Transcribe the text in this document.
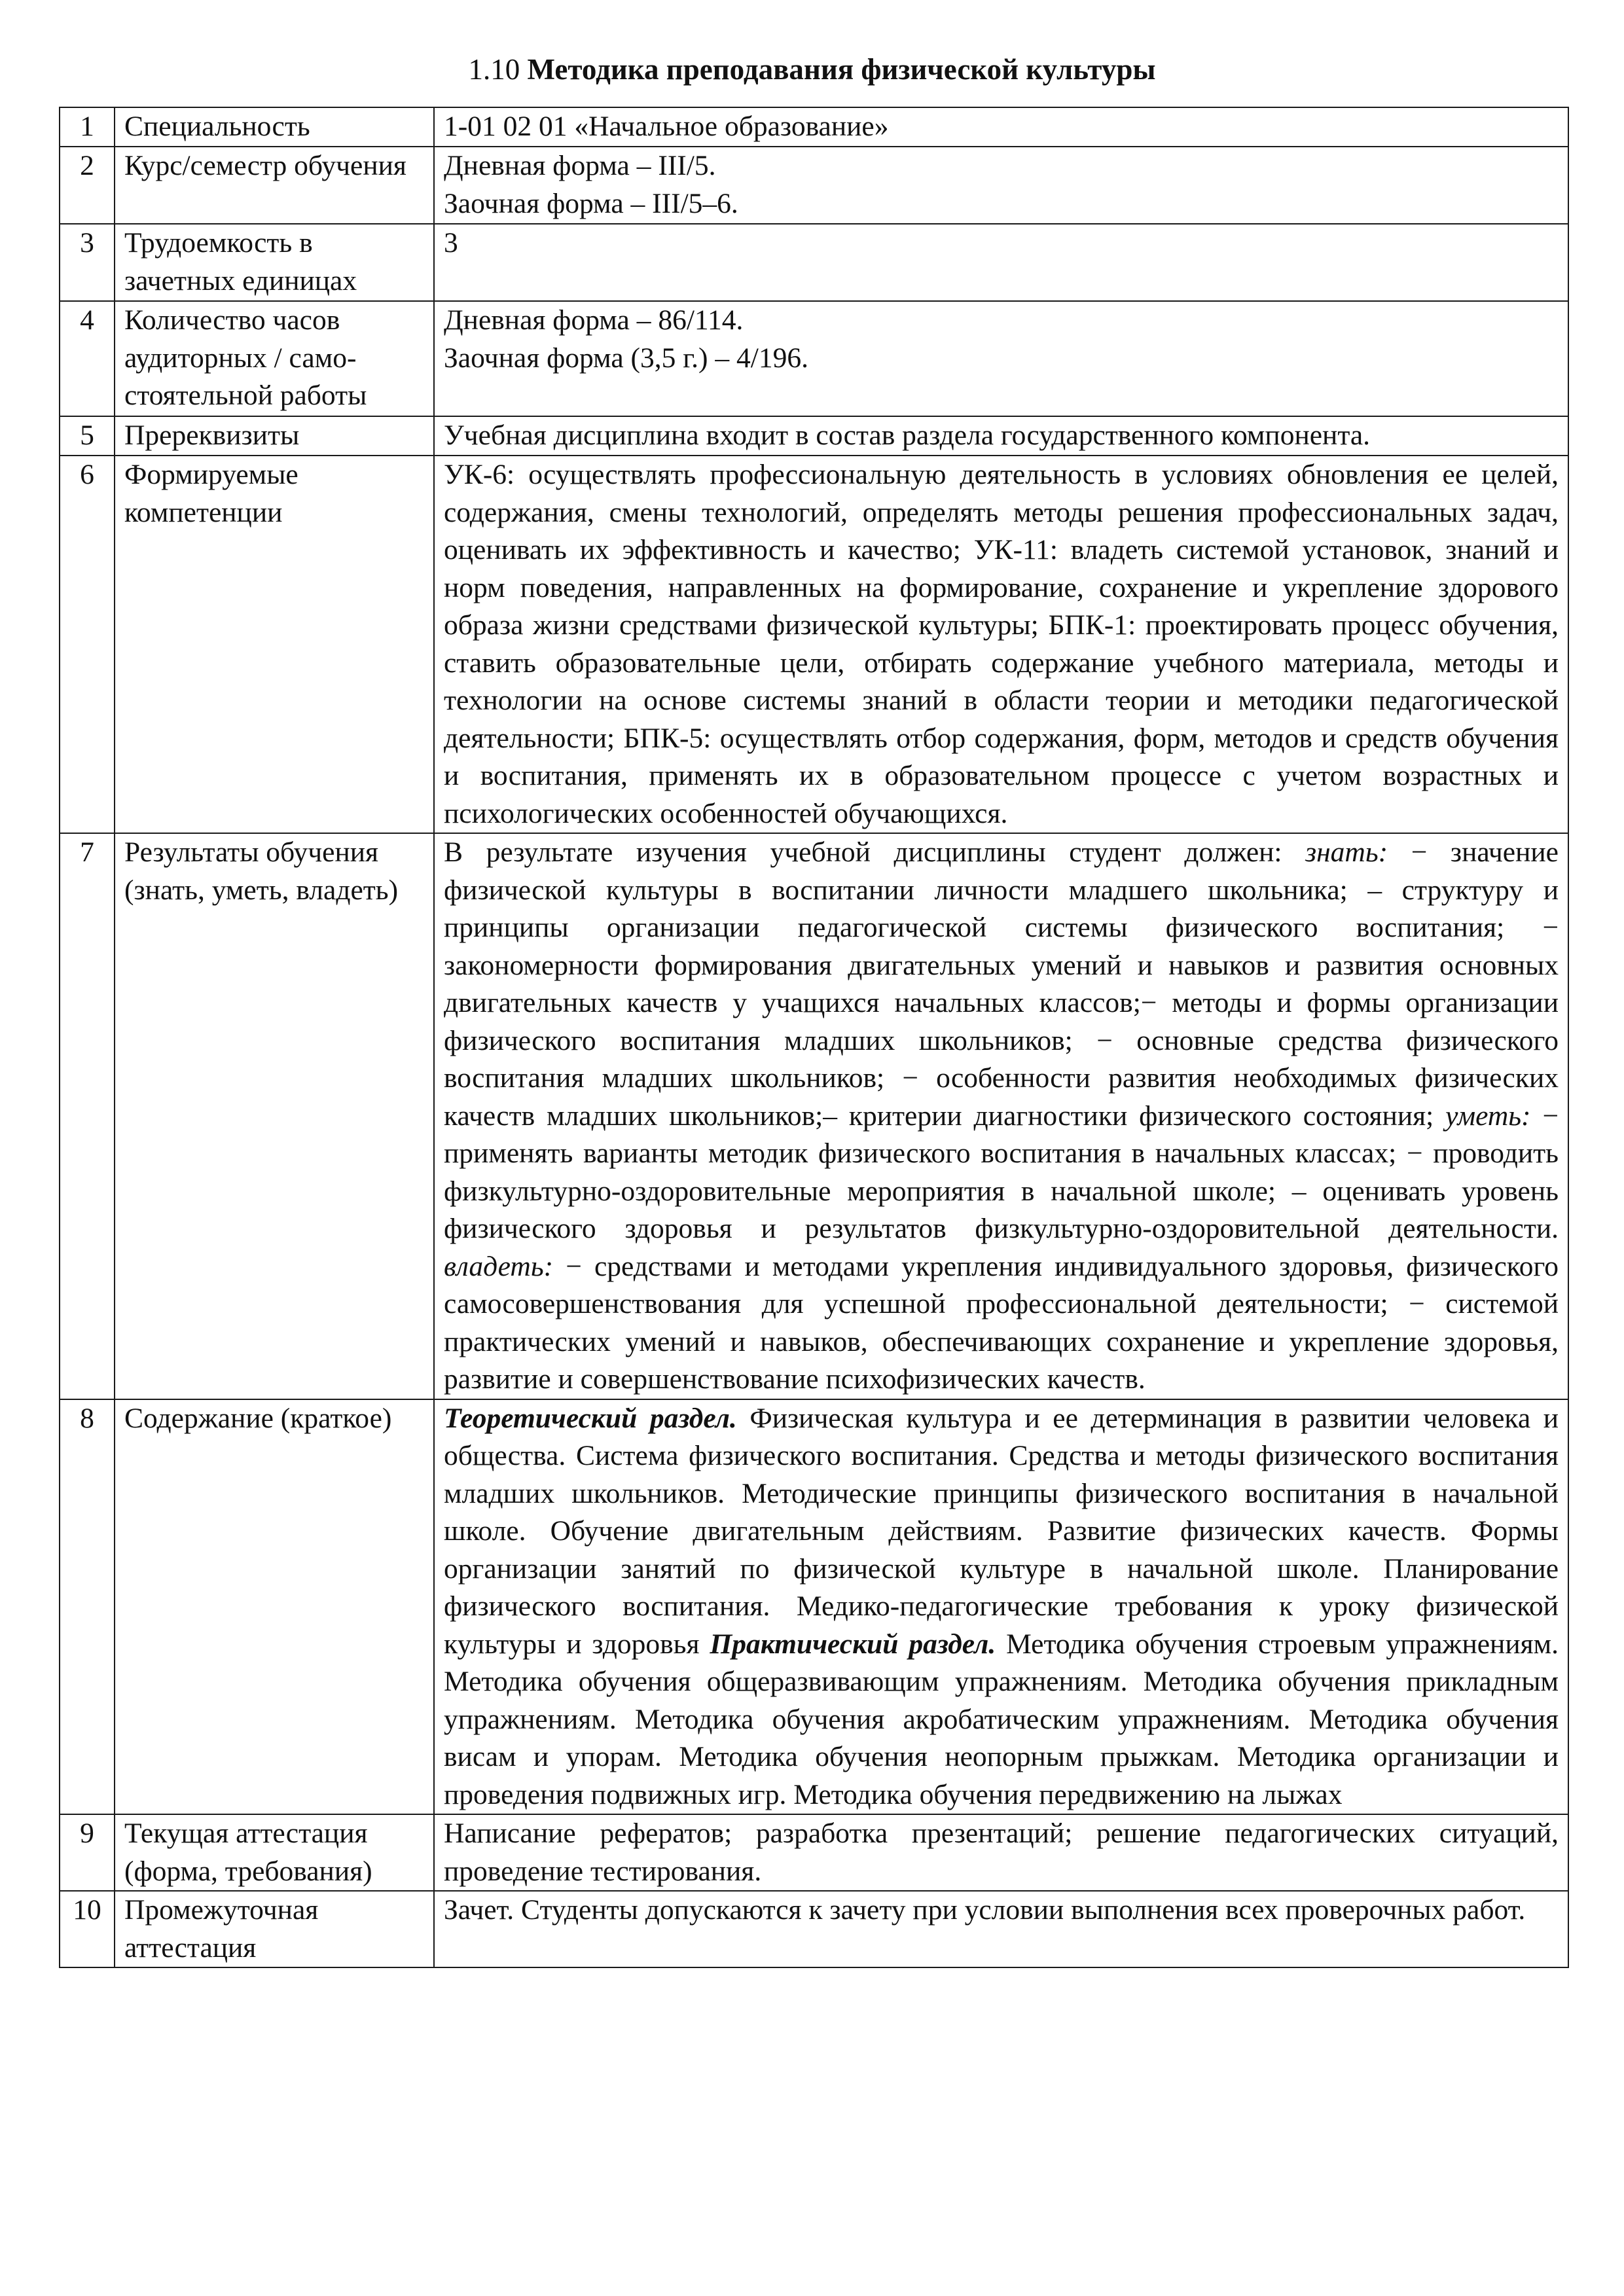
1.10 Методика преподавания физической культуры
1	Специальность	1-01 02 01 «Начальное образование»

2	Курс/семестр обучения	Дневная форма – III/5.
Заочная форма – III/5–6.

3	Трудоемкость в зачетных единицах	3

4	Количество часов аудиторных / само-стоятельной работы	Дневная форма – 86/114.
Заочная форма (3,5 г.) – 4/196.

5	Пререквизиты	Учебная дисциплина входит в состав раздела государственного компонента.

6	Формируемые компетенции	УК-6: осуществлять профессиональную деятельность в условиях обновления ее целей, содержания, смены технологий, определять методы решения профессиональных задач, оценивать их эффективность и качество; УК-11: владеть системой установок, знаний и норм поведения, направленных на формирование, сохранение и укрепление здорового образа жизни средствами физической культуры; БПК-1: проектировать процесс обучения, ставить образовательные цели, отбирать содержание учебного материала, методы и технологии на основе системы знаний в области теории и методики педагогической деятельности; БПК-5: осуществлять отбор содержания, форм, методов и средств обучения и воспитания, применять их в образовательном процессе с учетом возрастных и психологических особенностей обучающихся.
7	Результаты обучения (знать, уметь, владеть)	В результате изучения учебной дисциплины студент должен: знать: − значение физической культуры в воспитании личности младшего школьника; – структуру и принципы организации педагогической системы физического воспитания; − закономерности формирования двигательных умений и навыков и развития основных двигательных качеств у учащихся начальных классов;− методы и формы организации физического воспитания младших школьников; − основные средства физического воспитания младших школьников; − особенности развития необходимых физических качеств младших школьников;– критерии диагностики физического состояния; уметь: − применять варианты методик физического воспитания в начальных классах; − проводить физкультурно-оздоровительные мероприятия в начальной школе; – оценивать уровень физического здоровья и результатов физкультурно-оздоровительной деятельности. владеть: − средствами и методами укрепления индивидуального здоровья, физического самосовершенствования для успешной профессиональной деятельности; − системой практических умений и навыков, обеспечивающих сохранение и укрепление здоровья, развитие и совершенствование психофизических качеств.
8	Содержание (краткое)	Теоретический раздел. Физическая культура и ее детерминация в развитии человека и общества. Система физического воспитания. Средства и методы физического воспитания младших школьников. Методические принципы физического воспитания в начальной школе. Обучение двигательным действиям. Развитие физических качеств. Формы организации занятий по физической культуре в начальной школе. Планирование физического воспитания. Медико-педагогические требования к уроку физической культуры и здоровья Практический раздел. Методика обучения строевым упражнениям. Методика обучения общеразвивающим упражнениям. Методика обучения прикладным упражнениям. Методика обучения акробатическим упражнениям. Методика обучения висам и упорам. Методика обучения неопорным прыжкам. Методика организации и проведения подвижных игр. Методика обучения передвижению на лыжах
9	Текущая аттестация (форма, требования)	Написание рефератов; разработка презентаций; решение педагогических ситуаций, проведение тестирования.
10	Промежуточная аттестация	Зачет. Студенты допускаются к зачету при условии выполнения всех проверочных работ.
